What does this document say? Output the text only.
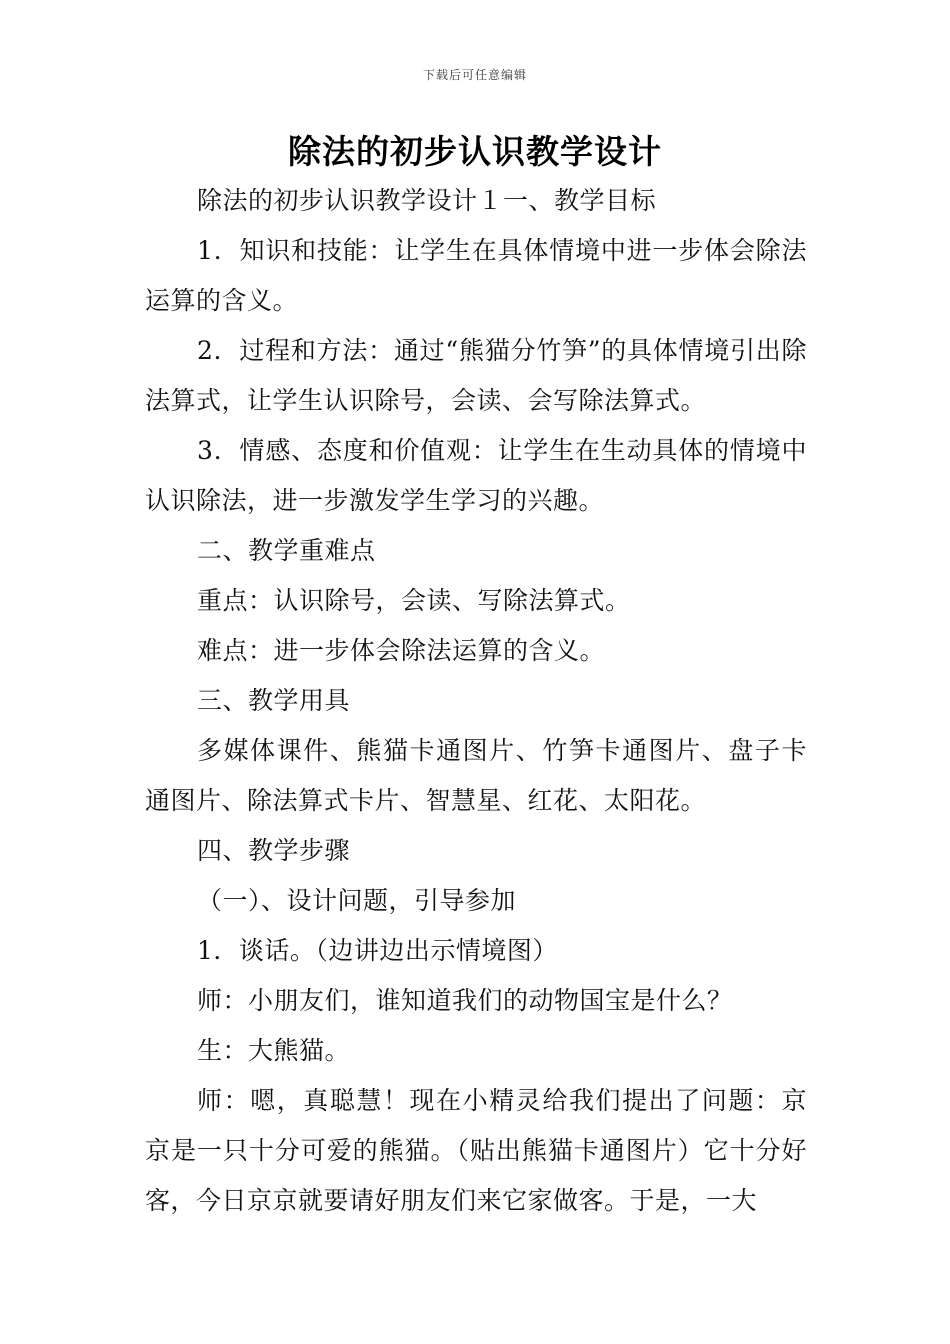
下载后可任意编辑
除法的初步认识教学设计

除法的初步认识教学设计１一、教学目标

1．知识和技能：让学生在具体情境中进一步体会除法运算的含义。

2．过程和方法：通过“熊猫分竹笋”的具体情境引出除法算式，让学生认识除号，会读、会写除法算式。

3．情感、态度和价值观：让学生在生动具体的情境中认识除法，进一步激发学生学习的兴趣。

二、教学重难点

重点：认识除号，会读、写除法算式。

难点：进一步体会除法运算的含义。

三、教学用具

多媒体课件、熊猫卡通图片、竹笋卡通图片、盘子卡通图片、除法算式卡片、智慧星、红花、太阳花。

四、教学步骤

（一）、设计问题，引导参加

1．谈话。（边讲边出示情境图）

师：小朋友们，谁知道我们的动物国宝是什么？

生：大熊猫。

师：嗯，真聪慧！现在小精灵给我们提出了问题：京京是一只十分可爱的熊猫。（贴出熊猫卡通图片）它十分好客，今日京京就要请好朋友们来它家做客。于是，一大
